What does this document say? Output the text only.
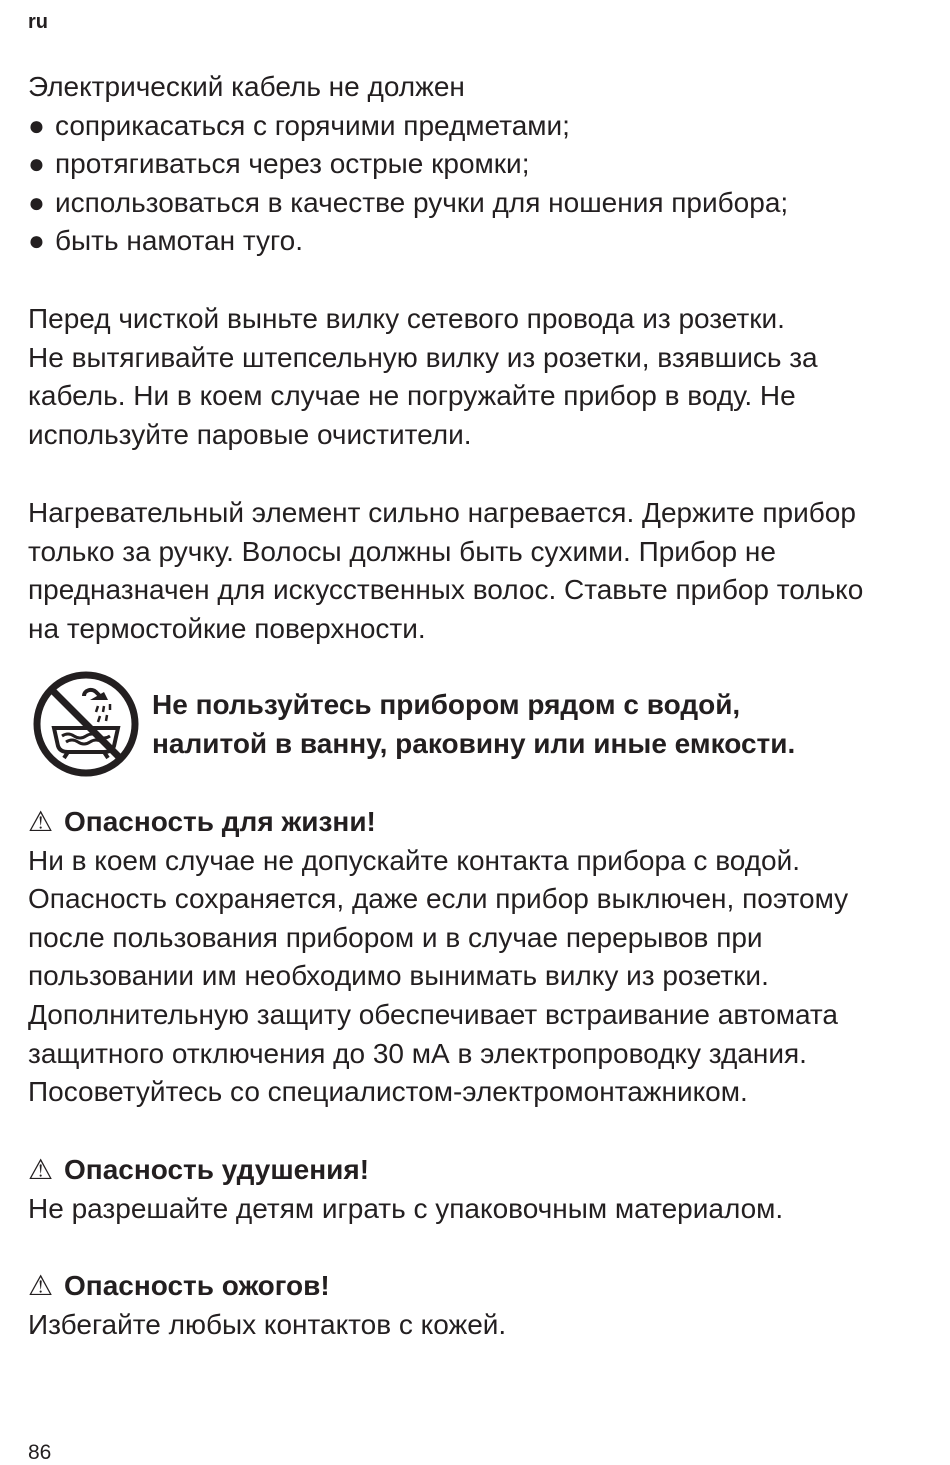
ru
Электрический кабель не должен
● соприкасаться с горячими предметами;
● протягиваться через острые кромки;
● использоваться в качестве ручки для ношения прибора;
● быть намотан туго.
Перед чисткой выньте вилку сетевого провода из розетки.
Не вытягивайте штепсельную вилку из розетки, взявшись за
кабель. Ни в коем случае не погружайте прибор в воду. Не
используйте паровые очистители.
Нагревательный элемент сильно нагревается. Держите прибор
только за ручку. Волосы должны быть сухими. Прибор не
предназначен для искусственных волос. Ставьте прибор только
на термостойкие поверхности.
Не пользуйтесь прибором рядом с водой,
налитой в ванну, раковину или иные емкости.
⚠ Опасность для жизни!
Ни в коем случае не допускайте контакта прибора с водой.
Опасность сохраняется, даже если прибор выключен, поэтому
после пользования прибором и в случае перерывов при
пользовании им необходимо вынимать вилку из розетки.
Дополнительную защиту обеспечивает встраивание автомата
защитного отключения до 30 мА в электропроводку здания.
Посоветуйтесь со специалистом-электромонтажником.
⚠ Опасность удушения!
Не разрешайте детям играть с упаковочным материалом.
⚠ Опасность ожогов!
Избегайте любых контактов с кожей.
86
